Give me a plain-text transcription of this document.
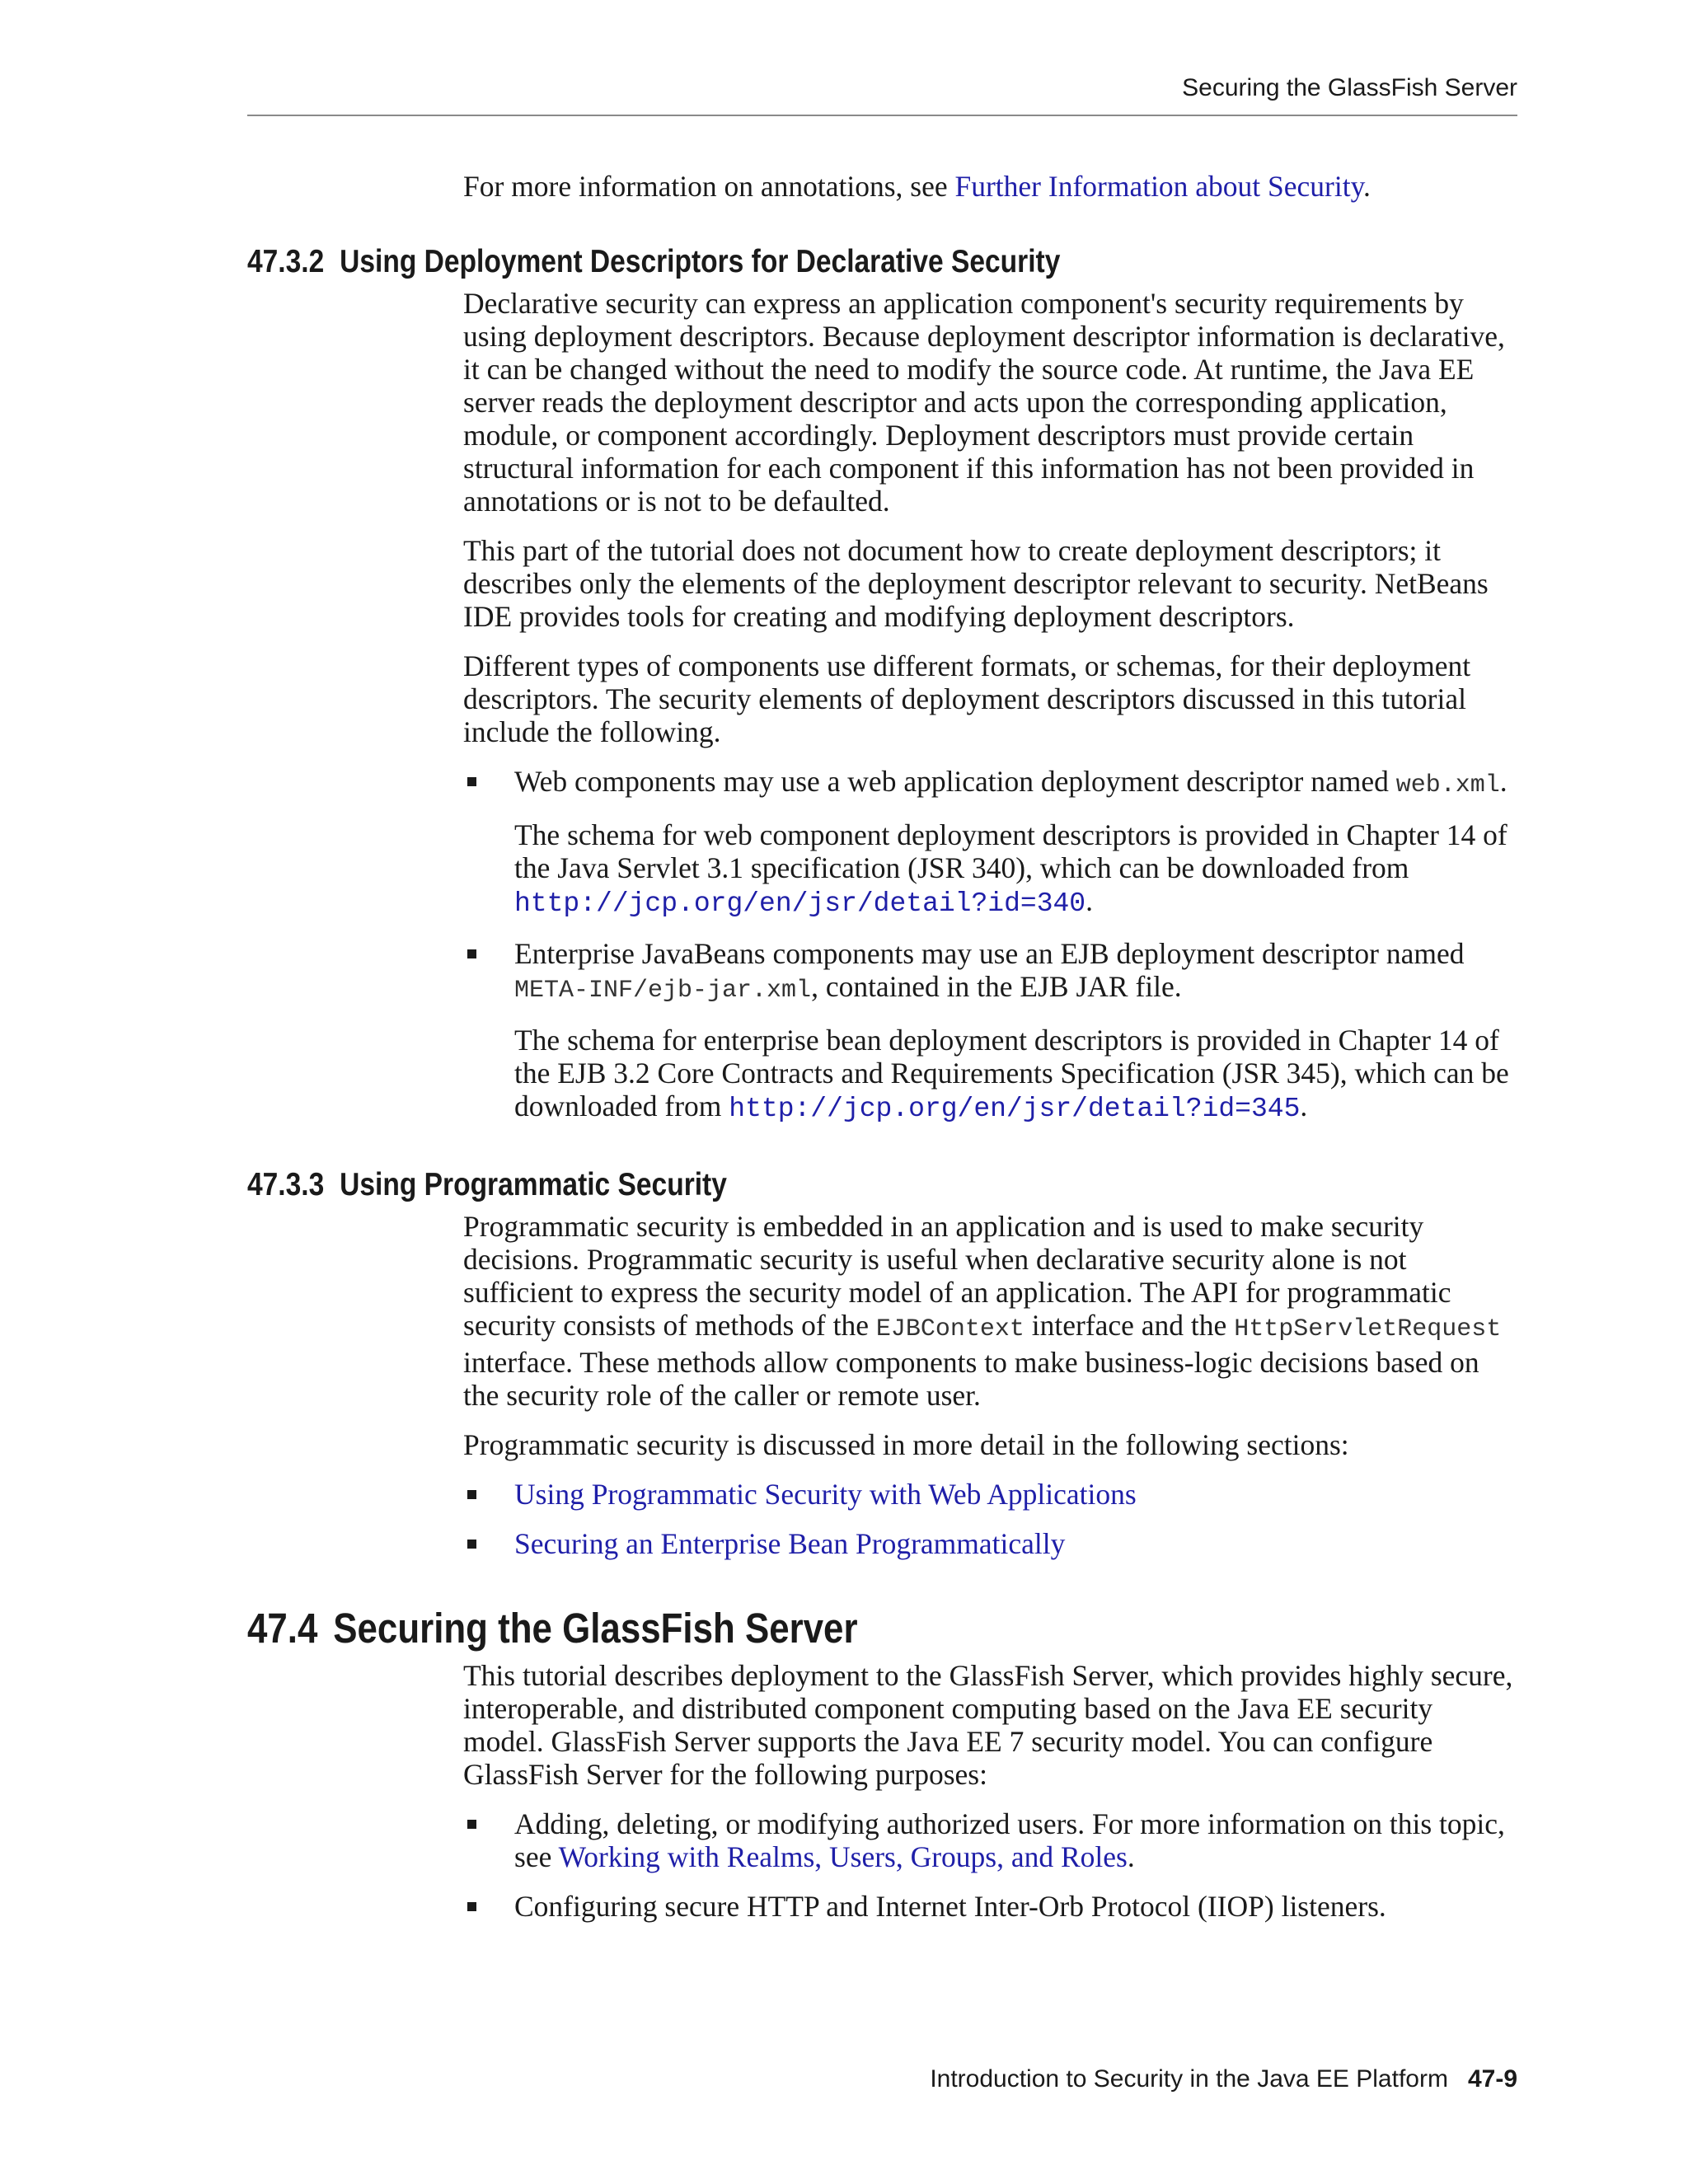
Securing the GlassFish Server

For more information on annotations, see Further Information about Security.

47.3.2 Using Deployment Descriptors for Declarative Security

Declarative security can express an application component's security requirements by using deployment descriptors. Because deployment descriptor information is declarative, it can be changed without the need to modify the source code. At runtime, the Java EE server reads the deployment descriptor and acts upon the corresponding application, module, or component accordingly. Deployment descriptors must provide certain structural information for each component if this information has not been provided in annotations or is not to be defaulted.

This part of the tutorial does not document how to create deployment descriptors; it describes only the elements of the deployment descriptor relevant to security. NetBeans IDE provides tools for creating and modifying deployment descriptors.

Different types of components use different formats, or schemas, for their deployment descriptors. The security elements of deployment descriptors discussed in this tutorial include the following.

Web components may use a web application deployment descriptor named web.xml.

The schema for web component deployment descriptors is provided in Chapter 14 of the Java Servlet 3.1 specification (JSR 340), which can be downloaded from http://jcp.org/en/jsr/detail?id=340.

Enterprise JavaBeans components may use an EJB deployment descriptor named META-INF/ejb-jar.xml, contained in the EJB JAR file.

The schema for enterprise bean deployment descriptors is provided in Chapter 14 of the EJB 3.2 Core Contracts and Requirements Specification (JSR 345), which can be downloaded from http://jcp.org/en/jsr/detail?id=345.

47.3.3 Using Programmatic Security

Programmatic security is embedded in an application and is used to make security decisions. Programmatic security is useful when declarative security alone is not sufficient to express the security model of an application. The API for programmatic security consists of methods of the EJBContext interface and the HttpServletRequest interface. These methods allow components to make business-logic decisions based on the security role of the caller or remote user.

Programmatic security is discussed in more detail in the following sections:

Using Programmatic Security with Web Applications

Securing an Enterprise Bean Programmatically

47.4 Securing the GlassFish Server

This tutorial describes deployment to the GlassFish Server, which provides highly secure, interoperable, and distributed component computing based on the Java EE security model. GlassFish Server supports the Java EE 7 security model. You can configure GlassFish Server for the following purposes:

Adding, deleting, or modifying authorized users. For more information on this topic, see Working with Realms, Users, Groups, and Roles.

Configuring secure HTTP and Internet Inter-Orb Protocol (IIOP) listeners.

Introduction to Security in the Java EE Platform 47-9
